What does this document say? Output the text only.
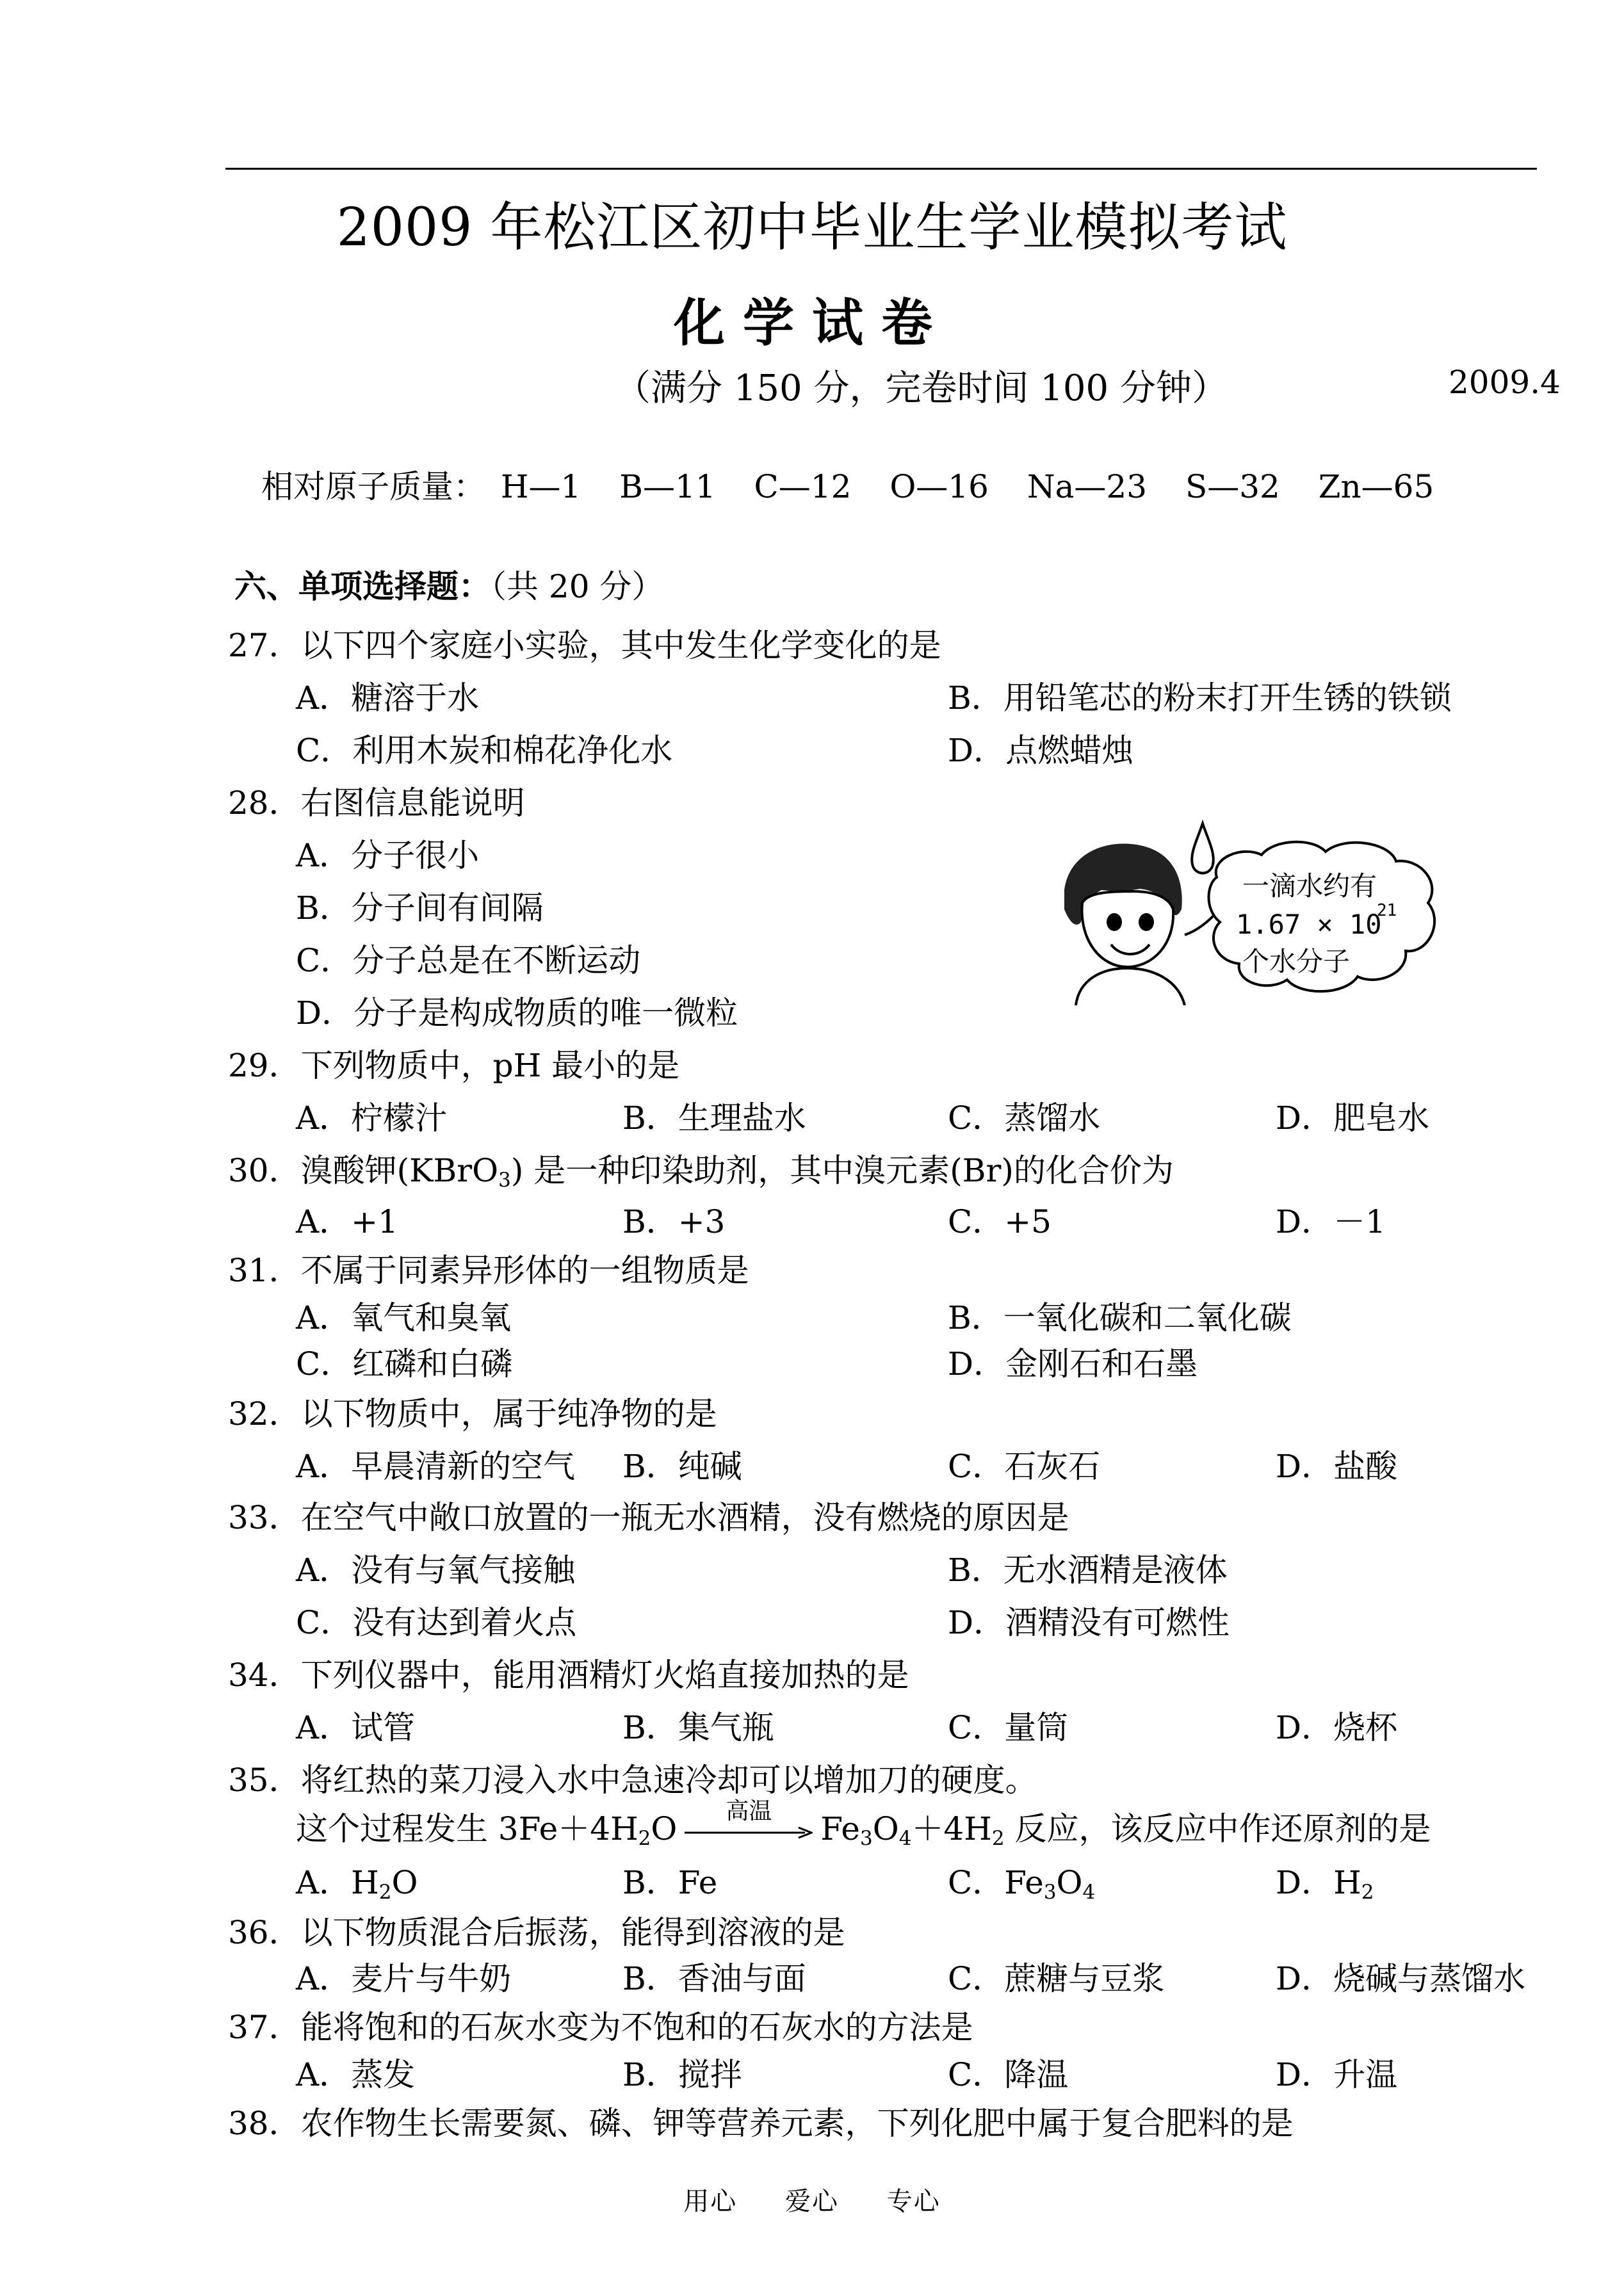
2009 年松江区初中毕业生学业模拟考试
化学试卷
（满分 150 分，完卷时间 100 分钟）	2009.4
相对原子质量： H—1 B—11 C—12 O—16 Na—23 S—32 Zn—65
六、单项选择题：（共 20 分）
27．以下四个家庭小实验，其中发生化学变化的是
A．糖溶于水	B．用铅笔芯的粉末打开生锈的铁锁
C．利用木炭和棉花净化水	D．点燃蜡烛
28．右图信息能说明
A．分子很小
B．分子间有间隔
C．分子总是在不断运动
D．分子是构成物质的唯一微粒
一滴水约有
1.67 × 10
21
个水分子
29．下列物质中，pH 最小的是
A．柠檬汁	B．生理盐水	C．蒸馏水	D．肥皂水
30．溴酸钾(KBrO$_3$) 是一种印染助剂，其中溴元素(Br)的化合价为
A．+1	B．+3	C．+5	D．－1
31．不属于同素异形体的一组物质是
A．氧气和臭氧	B．一氧化碳和二氧化碳
C．红磷和白磷	D．金刚石和石墨
32．以下物质中，属于纯净物的是
A．早晨清新的空气 B．纯碱	C．石灰石	D．盐酸
33．在空气中敞口放置的一瓶无水酒精，没有燃烧的原因是
A．没有与氧气接触	B．无水酒精是液体
C．没有达到着火点	D．酒精没有可燃性
34．下列仪器中，能用酒精灯火焰直接加热的是
A．试管	B．集气瓶	C．量筒	D．烧杯
35．将红热的菜刀浸入水中急速冷却可以增加刀的硬度。
这个过程发生 $3Fe+4H_2O$	高温	$Fe_3O_4+4H_2$ 反应，该反应中作还原剂的是
A．$H_2O$	B．Fe	C．$Fe_3O_4$	D．$H_2$
36．以下物质混合后振荡，能得到溶液的是
A．麦片与牛奶	B．香油与面	C．蔗糖与豆浆	D．烧碱与蒸馏水
37．能将饱和的石灰水变为不饱和的石灰水的方法是
A．蒸发	B．搅拌	C．降温	D．升温
38．农作物生长需要氮、磷、钾等营养元素，下列化肥中属于复合肥料的是
用心 爱心 专心
